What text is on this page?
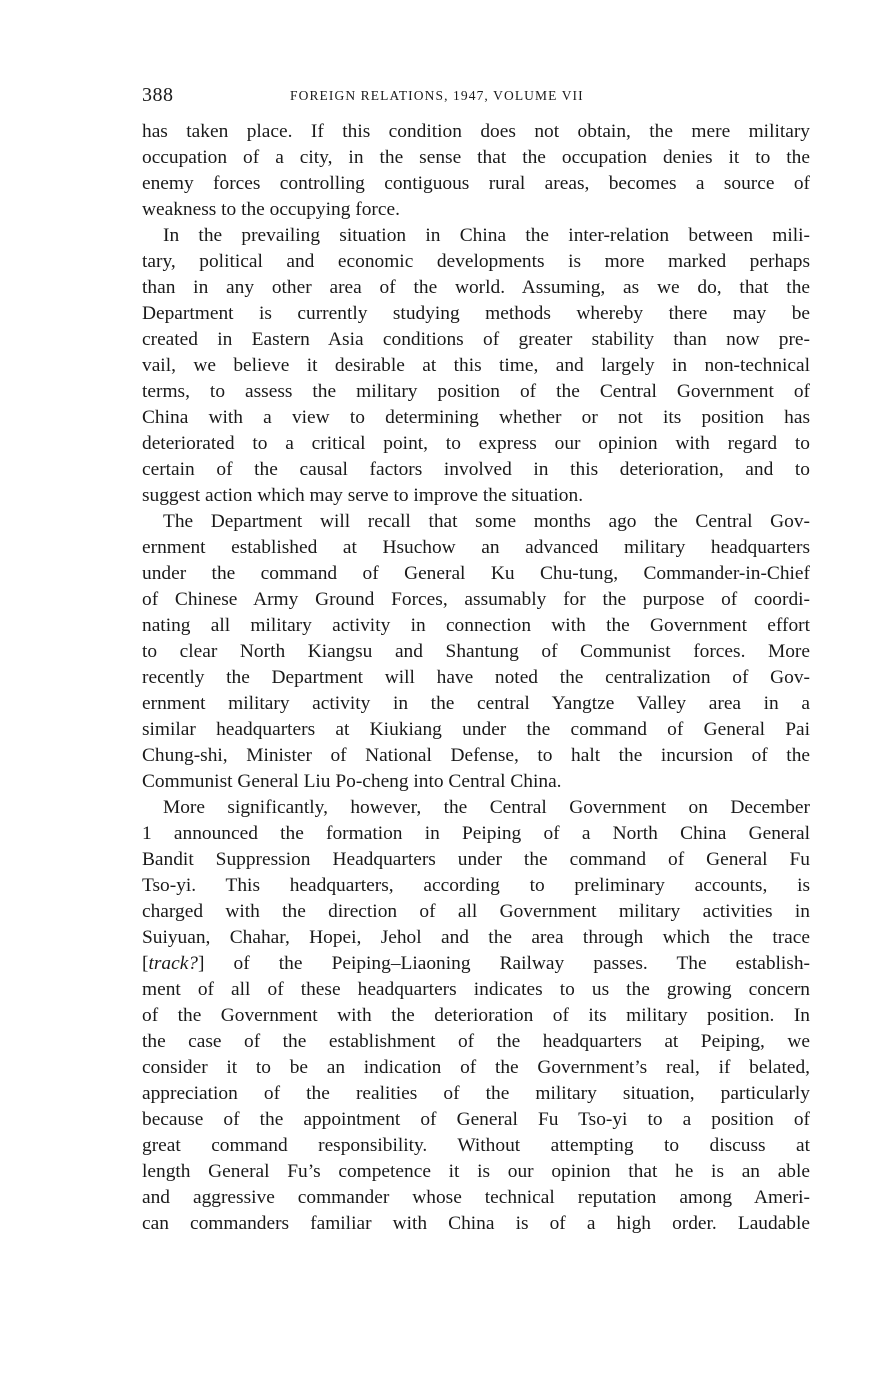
388	FOREIGN RELATIONS, 1947, VOLUME VII
has taken place. If this condition does not obtain, the mere military
occupation of a city, in the sense that the occupation denies it to the
enemy forces controlling contiguous rural areas, becomes a source of
weakness to the occupying force.
In the prevailing situation in China the inter-relation between mili-
tary, political and economic developments is more marked perhaps
than in any other area of the world. Assuming, as we do, that the
Department is currently studying methods whereby there may be
created in Eastern Asia conditions of greater stability than now pre-
vail, we believe it desirable at this time, and largely in non-technical
terms, to assess the military position of the Central Government of
China with a view to determining whether or not its position has
deteriorated to a critical point, to express our opinion with regard to
certain of the causal factors involved in this deterioration, and to
suggest action which may serve to improve the situation.
The Department will recall that some months ago the Central Gov-
ernment established at Hsuchow an advanced military headquarters
under the command of General Ku Chu-tung, Commander-in-Chief
of Chinese Army Ground Forces, assumably for the purpose of coordi-
nating all military activity in connection with the Government effort
to clear North Kiangsu and Shantung of Communist forces. More
recently the Department will have noted the centralization of Gov-
ernment military activity in the central Yangtze Valley area in a
similar headquarters at Kiukiang under the command of General Pai
Chung-shi, Minister of National Defense, to halt the incursion of the
Communist General Liu Po-cheng into Central China.
More significantly, however, the Central Government on December
1 announced the formation in Peiping of a North China General
Bandit Suppression Headquarters under the command of General Fu
Tso-yi. This headquarters, according to preliminary accounts, is
charged with the direction of all Government military activities in
Suiyuan, Chahar, Hopei, Jehol and the area through which the trace
[track?] of the Peiping–Liaoning Railway passes. The establish-
ment of all of these headquarters indicates to us the growing concern
of the Government with the deterioration of its military position. In
the case of the establishment of the headquarters at Peiping, we
consider it to be an indication of the Government’s real, if belated,
appreciation of the realities of the military situation, particularly
because of the appointment of General Fu Tso-yi to a position of
great command responsibility. Without attempting to discuss at
length General Fu’s competence it is our opinion that he is an able
and aggressive commander whose technical reputation among Ameri-
can commanders familiar with China is of a high order. Laudable
